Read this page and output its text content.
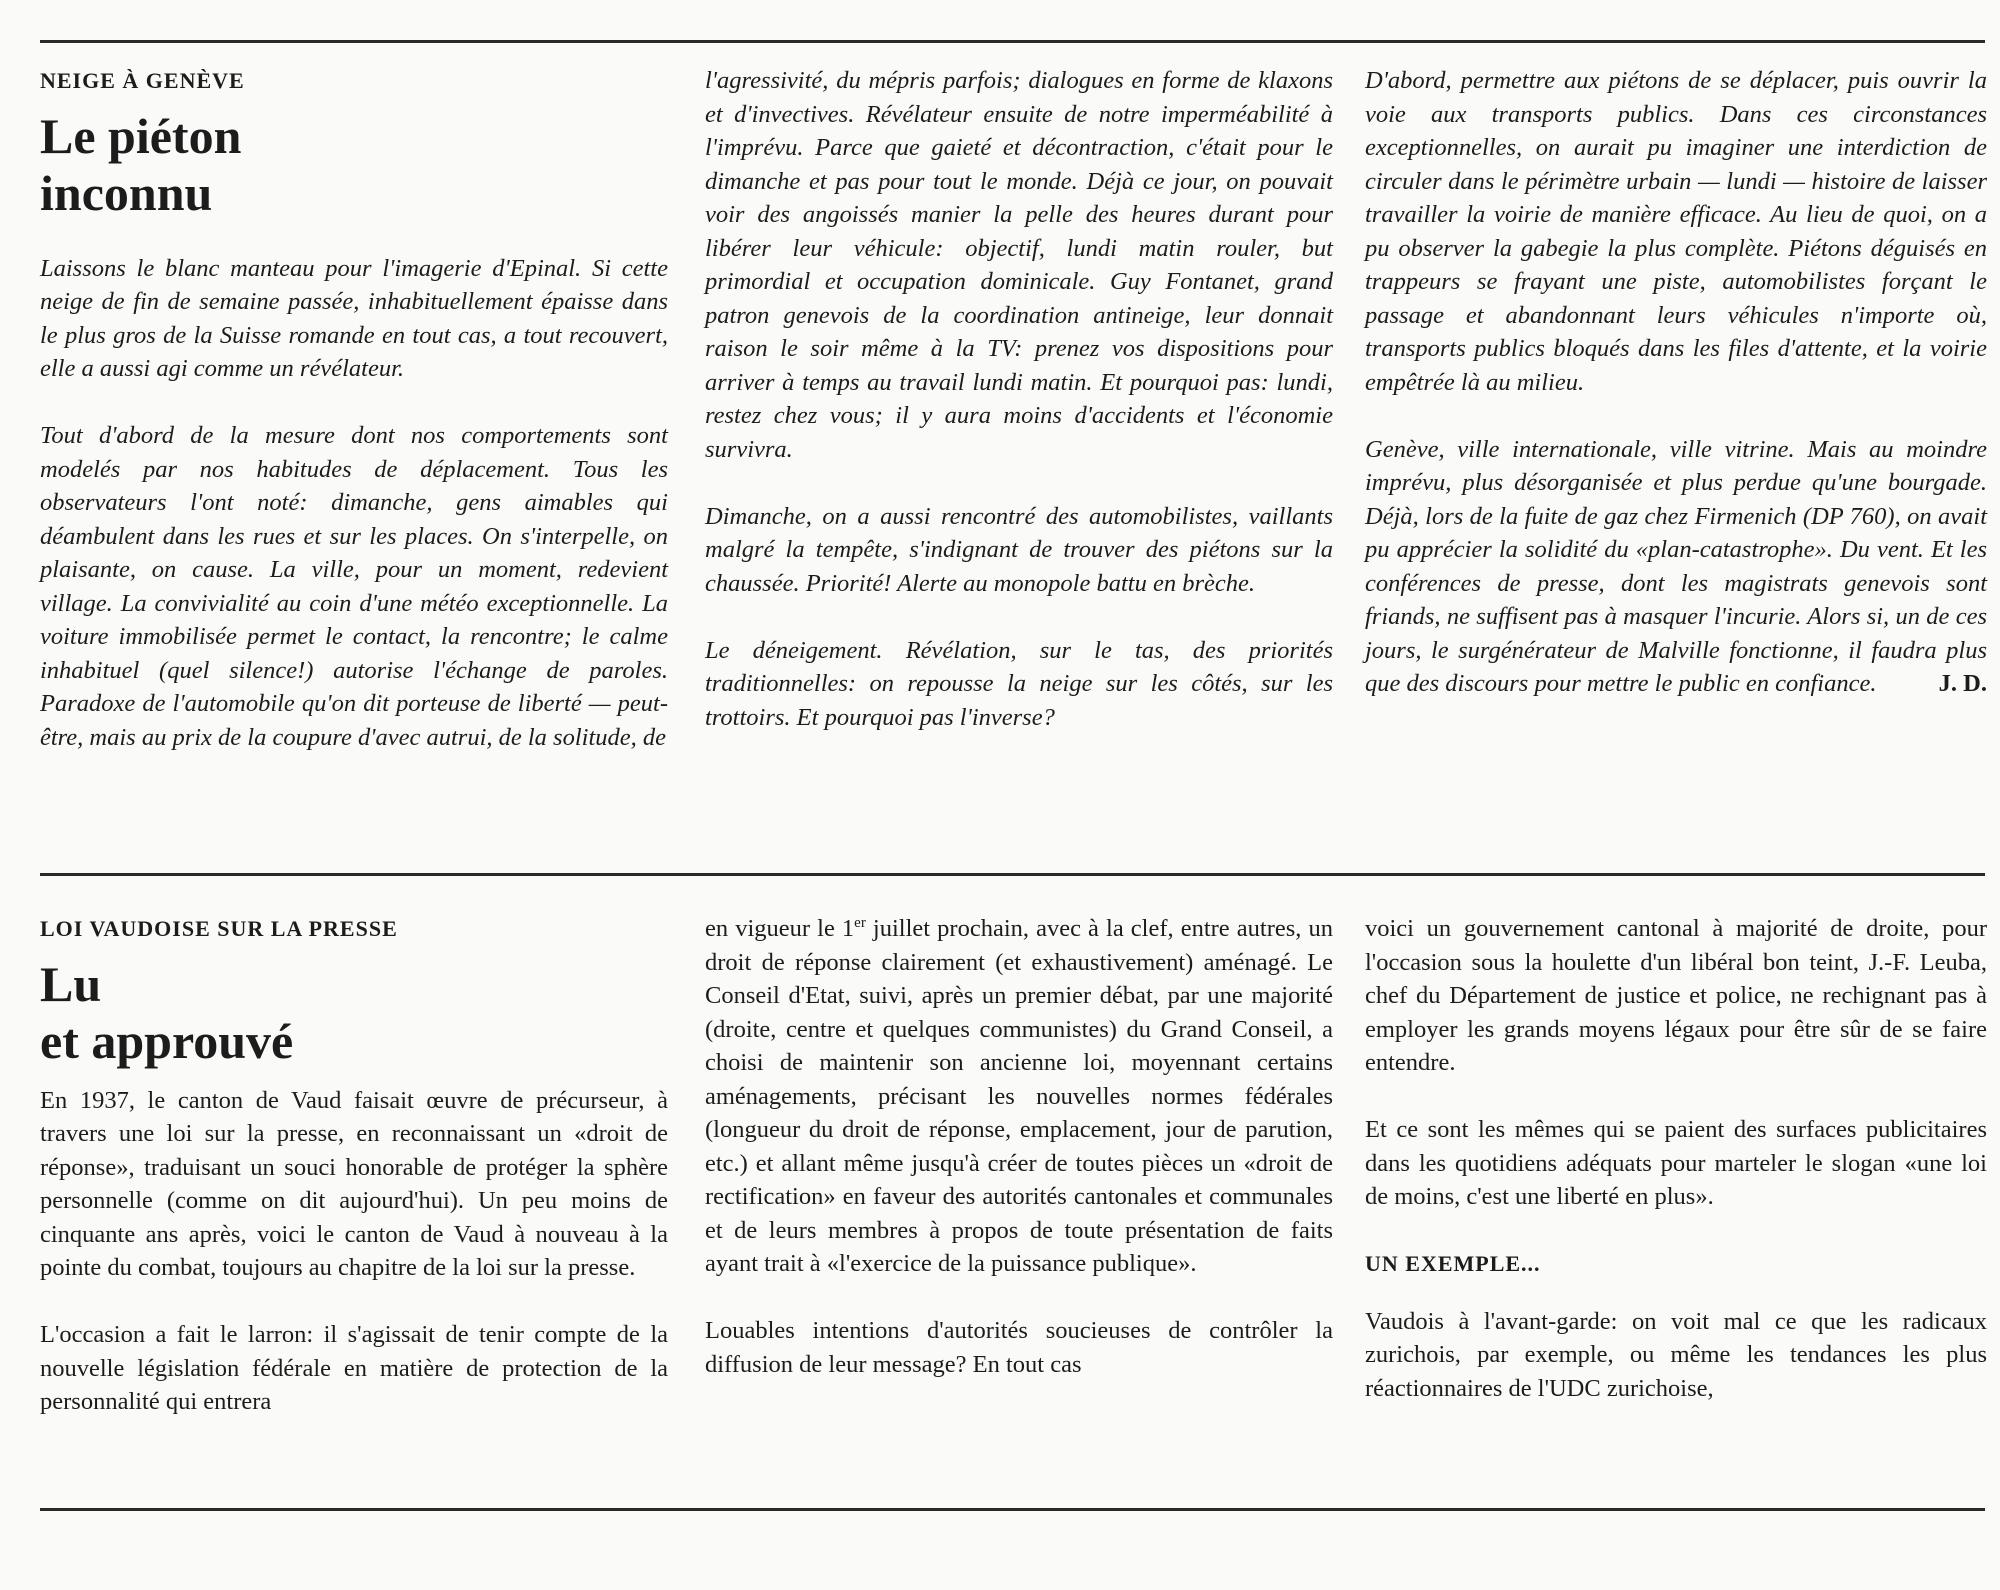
NEIGE À GENÈVE
Le piéton
inconnu

Laissons le blanc manteau pour l'imagerie d'Epinal. Si cette neige de fin de semaine passée, inhabituellement épaisse dans le plus gros de la Suisse romande en tout cas, a tout recouvert, elle a aussi agi comme un révélateur.

Tout d'abord de la mesure dont nos comportements sont modelés par nos habitudes de déplacement. Tous les observateurs l'ont noté: dimanche, gens aimables qui déambulent dans les rues et sur les places. On s'interpelle, on plaisante, on cause. La ville, pour un moment, redevient village. La convivialité au coin d'une météo exceptionnelle. La voiture immobilisée permet le contact, la rencontre; le calme inhabituel (quel silence!) autorise l'échange de paroles. Paradoxe de l'automobile qu'on dit porteuse de liberté — peut-être, mais au prix de la coupure d'avec autrui, de la solitude, de

l'agressivité, du mépris parfois; dialogues en forme de klaxons et d'invectives. Révélateur ensuite de notre imperméabilité à l'imprévu. Parce que gaieté et décontraction, c'était pour le dimanche et pas pour tout le monde. Déjà ce jour, on pouvait voir des angoissés manier la pelle des heures durant pour libérer leur véhicule: objectif, lundi matin rouler, but primordial et occupation dominicale. Guy Fontanet, grand patron genevois de la coordination antineige, leur donnait raison le soir même à la TV: prenez vos dispositions pour arriver à temps au travail lundi matin. Et pourquoi pas: lundi, restez chez vous; il y aura moins d'accidents et l'économie survivra.

Dimanche, on a aussi rencontré des automobilistes, vaillants malgré la tempête, s'indignant de trouver des piétons sur la chaussée. Priorité! Alerte au monopole battu en brèche.

Le déneigement. Révélation, sur le tas, des priorités traditionnelles: on repousse la neige sur les côtés, sur les trottoirs. Et pourquoi pas l'inverse?

D'abord, permettre aux piétons de se déplacer, puis ouvrir la voie aux transports publics. Dans ces circonstances exceptionnelles, on aurait pu imaginer une interdiction de circuler dans le périmètre urbain — lundi — histoire de laisser travailler la voirie de manière efficace. Au lieu de quoi, on a pu observer la gabegie la plus complète. Piétons déguisés en trappeurs se frayant une piste, automobilistes forçant le passage et abandonnant leurs véhicules n'importe où, transports publics bloqués dans les files d'attente, et la voirie empêtrée là au milieu.

Genève, ville internationale, ville vitrine. Mais au moindre imprévu, plus désorganisée et plus perdue qu'une bourgade. Déjà, lors de la fuite de gaz chez Firmenich (DP 760), on avait pu apprécier la solidité du «plan-catastrophe». Du vent. Et les conférences de presse, dont les magistrats genevois sont friands, ne suffisent pas à masquer l'incurie. Alors si, un de ces jours, le surgénérateur de Malville fonctionne, il faudra plus que des discours pour mettre le public en confiance.	J. D.

LOI VAUDOISE SUR LA PRESSE
Lu
et approuvé

En 1937, le canton de Vaud faisait œuvre de précurseur, à travers une loi sur la presse, en reconnaissant un «droit de réponse», traduisant un souci honorable de protéger la sphère personnelle (comme on dit aujourd'hui). Un peu moins de cinquante ans après, voici le canton de Vaud à nouveau à la pointe du combat, toujours au chapitre de la loi sur la presse.

L'occasion a fait le larron: il s'agissait de tenir compte de la nouvelle législation fédérale en matière de protection de la personnalité qui entrera

en vigueur le 1er juillet prochain, avec à la clef, entre autres, un droit de réponse clairement (et exhaustivement) aménagé. Le Conseil d'Etat, suivi, après un premier débat, par une majorité (droite, centre et quelques communistes) du Grand Conseil, a choisi de maintenir son ancienne loi, moyennant certains aménagements, précisant les nouvelles normes fédérales (longueur du droit de réponse, emplacement, jour de parution, etc.) et allant même jusqu'à créer de toutes pièces un «droit de rectification» en faveur des autorités cantonales et communales et de leurs membres à propos de toute présentation de faits ayant trait à «l'exercice de la puissance publique».

Louables intentions d'autorités soucieuses de contrôler la diffusion de leur message? En tout cas

voici un gouvernement cantonal à majorité de droite, pour l'occasion sous la houlette d'un libéral bon teint, J.-F. Leuba, chef du Département de justice et police, ne rechignant pas à employer les grands moyens légaux pour être sûr de se faire entendre.

Et ce sont les mêmes qui se paient des surfaces publicitaires dans les quotidiens adéquats pour marteler le slogan «une loi de moins, c'est une liberté en plus».

UN EXEMPLE...

Vaudois à l'avant-garde: on voit mal ce que les radicaux zurichois, par exemple, ou même les tendances les plus réactionnaires de l'UDC zurichoise,
